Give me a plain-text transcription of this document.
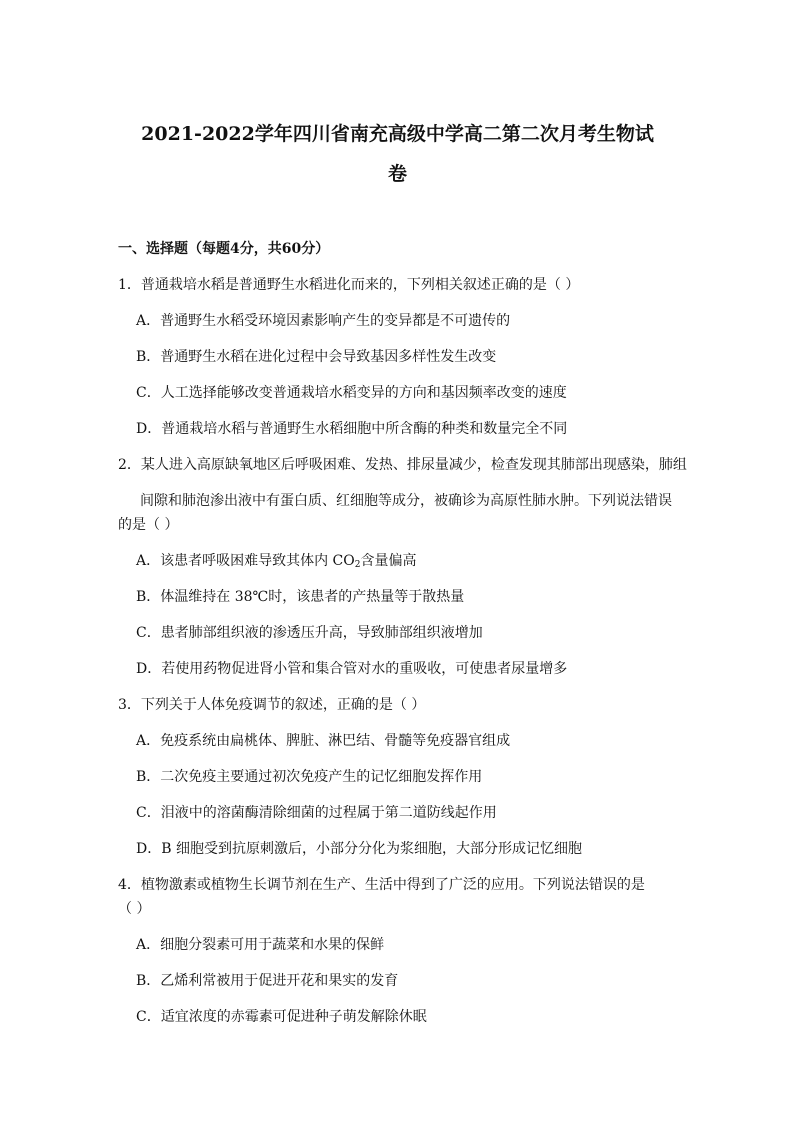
2021-2022学年四川省南充高级中学高二第二次月考生物试
卷
一、选择题（每题4分，共60分）
1．普通栽培水稻是普通野生水稻进化而来的，下列相关叙述正确的是（ ）
A．普通野生水稻受环境因素影响产生的变异都是不可遗传的
B．普通野生水稻在进化过程中会导致基因多样性发生改变
C．人工选择能够改变普通栽培水稻变异的方向和基因频率改变的速度
D．普通栽培水稻与普通野生水稻细胞中所含酶的种类和数量完全不同
2．某人进入高原缺氧地区后呼吸困难、发热、排尿量减少，检查发现其肺部出现感染，肺组
间隙和肺泡渗出液中有蛋白质、红细胞等成分，被确诊为高原性肺水肿。下列说法错误
的是（ ）
A．该患者呼吸困难导致其体内 $CO_2$含量偏高
B．体温维持在 38℃时，该患者的产热量等于散热量
C．患者肺部组织液的渗透压升高，导致肺部组织液增加
D．若使用药物促进肾小管和集合管对水的重吸收，可使患者尿量增多
3．下列关于人体免疫调节的叙述，正确的是（ ）
A．免疫系统由扁桃体、脾脏、淋巴结、骨髓等免疫器官组成
B．二次免疫主要通过初次免疫产生的记忆细胞发挥作用
C．泪液中的溶菌酶清除细菌的过程属于第二道防线起作用
D．B 细胞受到抗原刺激后，小部分分化为浆细胞，大部分形成记忆细胞
4．植物激素或植物生长调节剂在生产、生活中得到了广泛的应用。下列说法错误的是
（ ）
A．细胞分裂素可用于蔬菜和水果的保鲜
B．乙烯利常被用于促进开花和果实的发育
C．适宜浓度的赤霉素可促进种子萌发解除休眠
